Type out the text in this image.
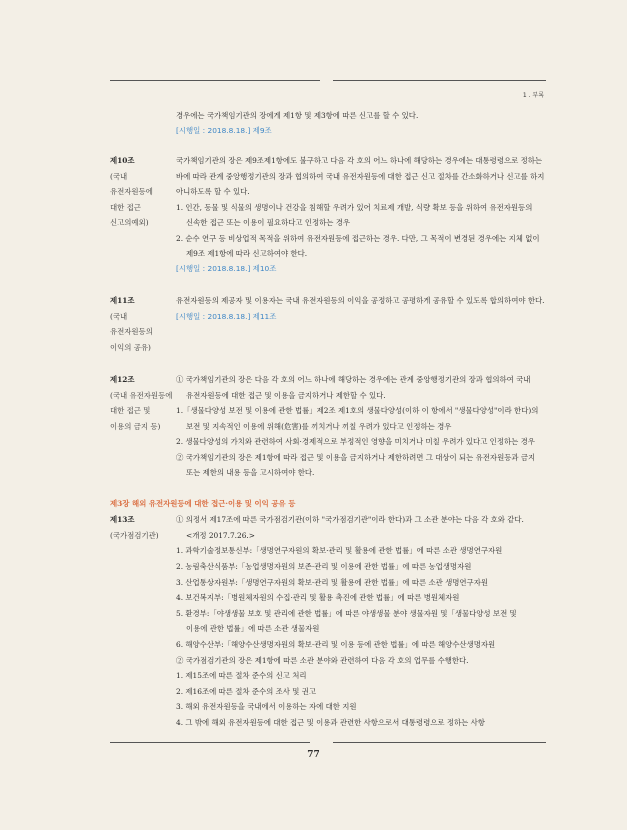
1 . 부록
경우에는 국가책임기관의 장에게 제1항 및 제3항에 따른 신고를 할 수 있다.
[시행일 : 2018.8.18.] 제9조
제10조
(국내
유전자원등에
대한 접근
신고의예외)
국가책임기관의 장은 제9조제1항에도 불구하고 다음 각 호의 어느 하나에 해당하는 경우에는 대통령령으로 정하는
바에 따라 관계 중앙행정기관의 장과 협의하여 국내 유전자원등에 대한 접근 신고 절차를 간소화하거나 신고를 하지
아니하도록 할 수 있다.
1. 인간, 동물 및 식물의 생명이나 건강을 침해할 우려가 있어 치료제 개발, 식량 확보 등을 위하여 유전자원등의
신속한 접근 또는 이용이 필요하다고 인정하는 경우
2. 순수 연구 등 비상업적 목적을 위하여 유전자원등에 접근하는 경우. 다만, 그 목적이 변경된 경우에는 지체 없이
제9조 제1항에 따라 신고하여야 한다.
[시행일 : 2018.8.18.] 제10조
제11조
(국내
유전자원등의
이익의 공유)
유전자원등의 제공자 및 이용자는 국내 유전자원등의 이익을 공정하고 공평하게 공유할 수 있도록 합의하여야 한다.
[시행일 : 2018.8.18.] 제11조
제12조
(국내 유전자원등에
대한 접근 및
이용의 금지 등)
① 국가책임기관의 장은 다음 각 호의 어느 하나에 해당하는 경우에는 관계 중앙행정기관의 장과 협의하여 국내
유전자원등에 대한 접근 및 이용을 금지하거나 제한할 수 있다.
1.「생물다양성 보전 및 이용에 관한 법률」제2조 제1호의 생물다양성(이하 이 항에서 "생물다양성"이라 한다)의
보전 및 지속적인 이용에 위해(危害)를 끼치거나 끼칠 우려가 있다고 인정하는 경우
2. 생물다양성의 가치와 관련하여 사회·경제적으로 부정적인 영향을 미치거나 미칠 우려가 있다고 인정하는 경우
② 국가책임기관의 장은 제1항에 따라 접근 및 이용을 금지하거나 제한하려면 그 대상이 되는 유전자원등과 금지
또는 제한의 내용 등을 고시하여야 한다.
제3장 해외 유전자원등에 대한 접근·이용 및 이익 공유 등
제13조
(국가점검기관)
① 의정서 제17조에 따른 국가점검기관(이하 "국가점검기관"이라 한다)과 그 소관 분야는 다음 각 호와 같다.
<개정 2017.7.26.>
1. 과학기술정보통신부:「생명연구자원의 확보·관리 및 활용에 관한 법률」에 따른 소관 생명연구자원
2. 농림축산식품부:「농업생명자원의 보존·관리 및 이용에 관한 법률」에 따른 농업생명자원
3. 산업통상자원부:「생명연구자원의 확보·관리 및 활용에 관한 법률」에 따른 소관 생명연구자원
4. 보건복지부:「병원체자원의 수집·관리 및 활용 촉진에 관한 법률」에 따른 병원체자원
5. 환경부:「야생생물 보호 및 관리에 관한 법률」에 따른 야생생물 분야 생물자원 및「생물다양성 보전 및
이용에 관한 법률」에 따른 소관 생물자원
6. 해양수산부:「해양수산생명자원의 확보·관리 및 이용 등에 관한 법률」에 따른 해양수산생명자원
② 국가점검기관의 장은 제1항에 따른 소관 분야와 관련하여 다음 각 호의 업무를 수행한다.
1. 제15조에 따른 절차 준수의 신고 처리
2. 제16조에 따른 절차 준수의 조사 및 권고
3. 해외 유전자원등을 국내에서 이용하는 자에 대한 지원
4. 그 밖에 해외 유전자원등에 대한 접근 및 이용과 관련한 사항으로서 대통령령으로 정하는 사항
77
